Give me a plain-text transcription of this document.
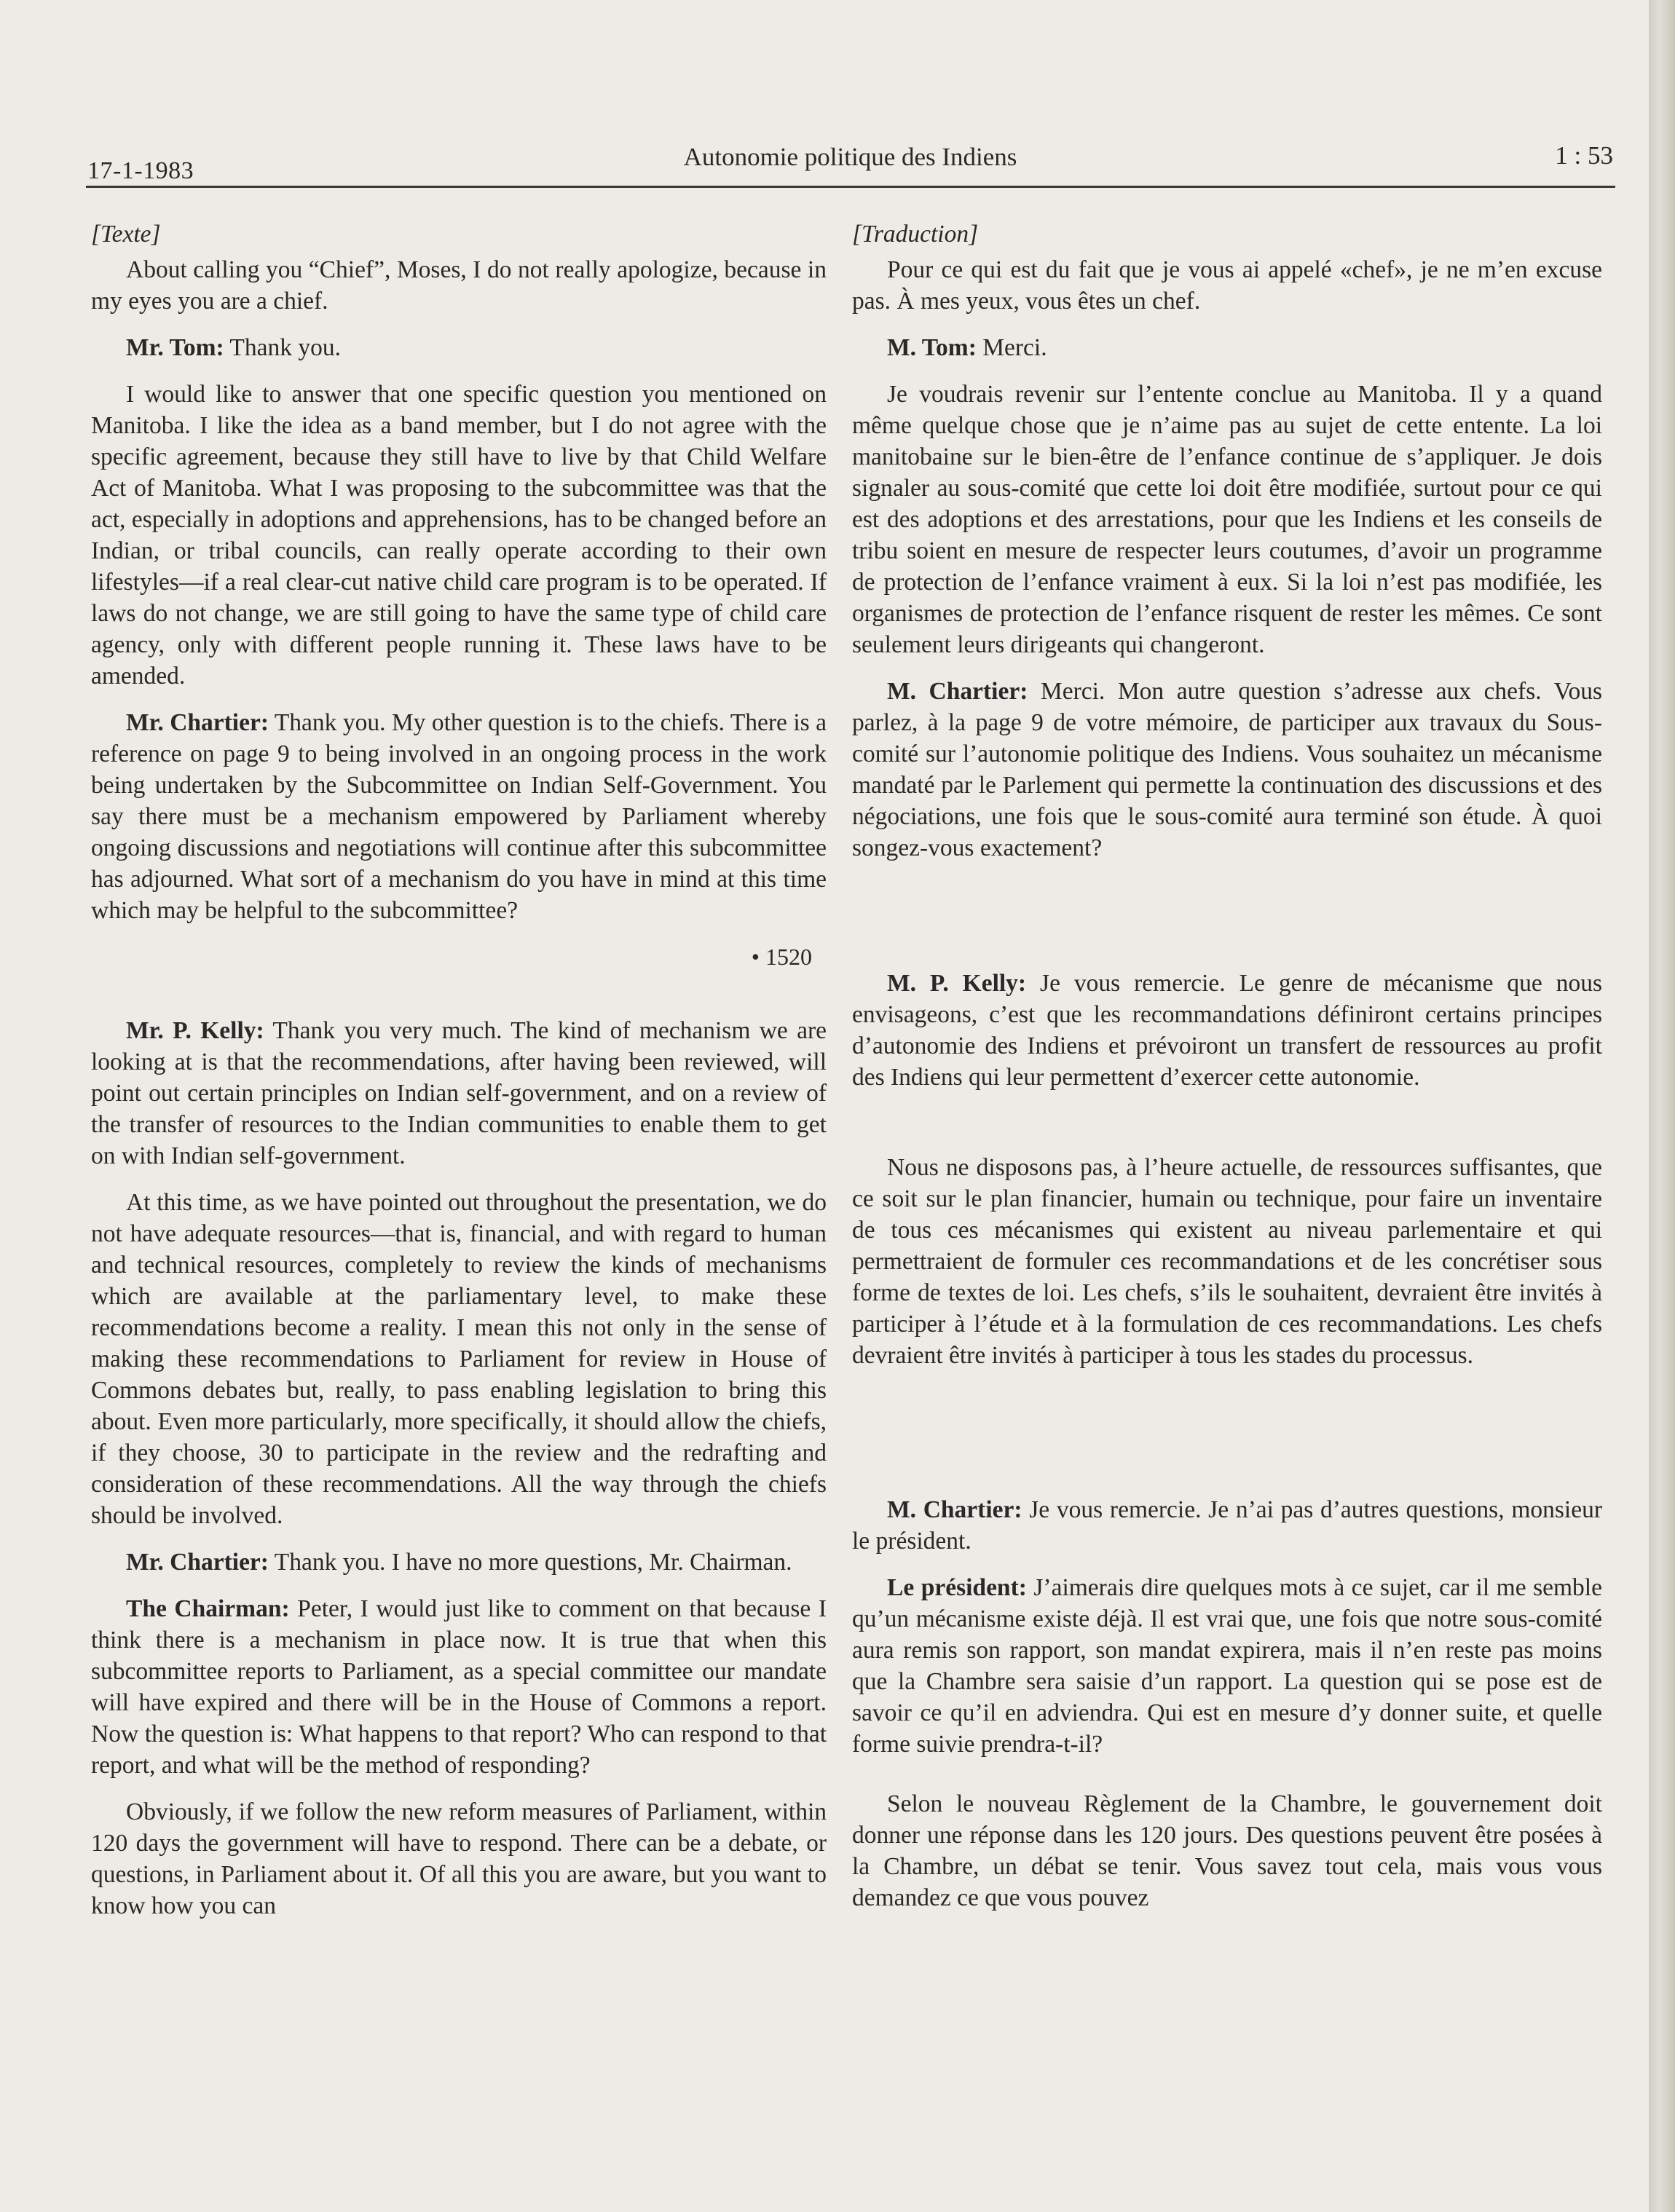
17-1-1983	Autonomie politique des Indiens	1 : 53

[Texte]

About calling you “Chief”, Moses, I do not really apologize, because in my eyes you are a chief.

Mr. Tom: Thank you.

I would like to answer that one specific question you mentioned on Manitoba. I like the idea as a band member, but I do not agree with the specific agreement, because they still have to live by that Child Welfare Act of Manitoba. What I was proposing to the subcommittee was that the act, especially in adoptions and apprehensions, has to be changed before an Indian, or tribal councils, can really operate according to their own lifestyles—if a real clear-cut native child care program is to be operated. If laws do not change, we are still going to have the same type of child care agency, only with different people running it. These laws have to be amended.

Mr. Chartier: Thank you. My other question is to the chiefs. There is a reference on page 9 to being involved in an ongoing process in the work being undertaken by the Subcommittee on Indian Self-Government. You say there must be a mechanism empowered by Parliament whereby ongoing discussions and negotiations will continue after this subcommittee has adjourned. What sort of a mechanism do you have in mind at this time which may be helpful to the subcommittee?

• 1520

Mr. P. Kelly: Thank you very much. The kind of mechanism we are looking at is that the recommendations, after having been reviewed, will point out certain principles on Indian self-government, and on a review of the transfer of resources to the Indian communities to enable them to get on with Indian self-government.

At this time, as we have pointed out throughout the presentation, we do not have adequate resources—that is, financial, and with regard to human and technical resources, completely to review the kinds of mechanisms which are available at the parliamentary level, to make these recommendations become a reality. I mean this not only in the sense of making these recommendations to Parliament for review in House of Commons debates but, really, to pass enabling legislation to bring this about. Even more particularly, more specifically, it should allow the chiefs, if they choose, 30 to participate in the review and the redrafting and consideration of these recommendations. All the way through the chiefs should be involved.

Mr. Chartier: Thank you. I have no more questions, Mr. Chairman.

The Chairman: Peter, I would just like to comment on that because I think there is a mechanism in place now. It is true that when this subcommittee reports to Parliament, as a special committee our mandate will have expired and there will be in the House of Commons a report. Now the question is: What happens to that report? Who can respond to that report, and what will be the method of responding?

Obviously, if we follow the new reform measures of Parliament, within 120 days the government will have to respond. There can be a debate, or questions, in Parliament about it. Of all this you are aware, but you want to know how you can

[Traduction]

Pour ce qui est du fait que je vous ai appelé «chef», je ne m’en excuse pas. À mes yeux, vous êtes un chef.

M. Tom: Merci.

Je voudrais revenir sur l’entente conclue au Manitoba. Il y a quand même quelque chose que je n’aime pas au sujet de cette entente. La loi manitobaine sur le bien-être de l’enfance continue de s’appliquer. Je dois signaler au sous-comité que cette loi doit être modifiée, surtout pour ce qui est des adoptions et des arrestations, pour que les Indiens et les conseils de tribu soient en mesure de respecter leurs coutumes, d’avoir un programme de protection de l’enfance vraiment à eux. Si la loi n’est pas modifiée, les organismes de protection de l’enfance risquent de rester les mêmes. Ce sont seulement leurs dirigeants qui changeront.

M. Chartier: Merci. Mon autre question s’adresse aux chefs. Vous parlez, à la page 9 de votre mémoire, de participer aux travaux du Sous-comité sur l’autonomie politique des Indiens. Vous souhaitez un mécanisme mandaté par le Parlement qui permette la continuation des discussions et des négociations, une fois que le sous-comité aura terminé son étude. À quoi songez-vous exactement?

M. P. Kelly: Je vous remercie. Le genre de mécanisme que nous envisageons, c’est que les recommandations définiront certains principes d’autonomie des Indiens et prévoiront un transfert de ressources au profit des Indiens qui leur permettent d’exercer cette autonomie.

Nous ne disposons pas, à l’heure actuelle, de ressources suffisantes, que ce soit sur le plan financier, humain ou technique, pour faire un inventaire de tous ces mécanismes qui existent au niveau parlementaire et qui permettraient de formuler ces recommandations et de les concrétiser sous forme de textes de loi. Les chefs, s’ils le souhaitent, devraient être invités à participer à l’étude et à la formulation de ces recommandations. Les chefs devraient être invités à participer à tous les stades du processus.

M. Chartier: Je vous remercie. Je n’ai pas d’autres questions, monsieur le président.

Le président: J’aimerais dire quelques mots à ce sujet, car il me semble qu’un mécanisme existe déjà. Il est vrai que, une fois que notre sous-comité aura remis son rapport, son mandat expirera, mais il n’en reste pas moins que la Chambre sera saisie d’un rapport. La question qui se pose est de savoir ce qu’il en adviendra. Qui est en mesure d’y donner suite, et quelle forme suivie prendra-t-il?

Selon le nouveau Règlement de la Chambre, le gouvernement doit donner une réponse dans les 120 jours. Des questions peuvent être posées à la Chambre, un débat se tenir. Vous savez tout cela, mais vous vous demandez ce que vous pouvez
